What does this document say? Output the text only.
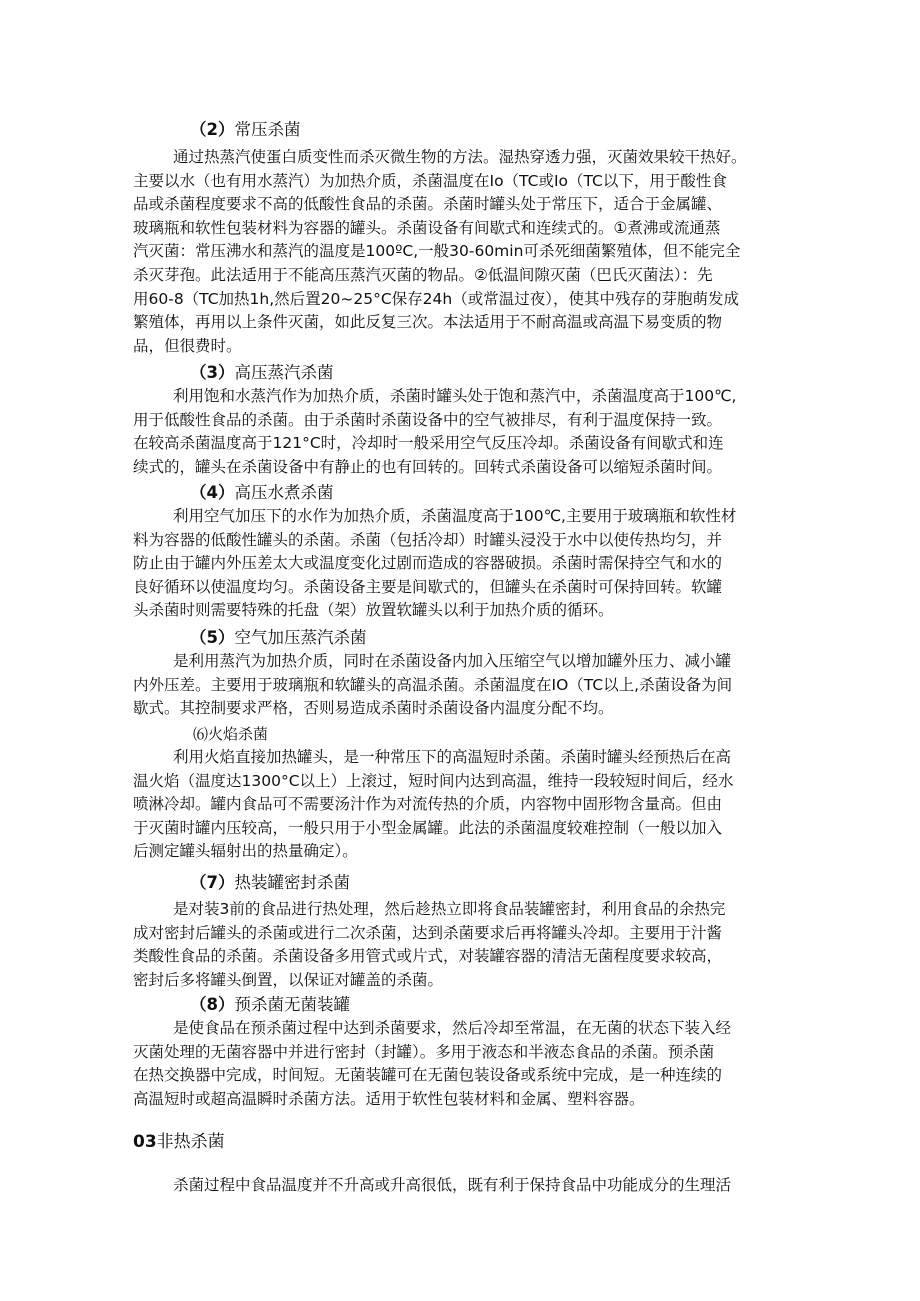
（2）常压杀菌
通过热蒸汽使蛋白质变性而杀灭微生物的方法。湿热穿透力强，灭菌效果较干热好。
主要以水（也有用水蒸汽）为加热介质，杀菌温度在Io（TC或Io（TC以下，用于酸性食
品或杀菌程度要求不高的低酸性食品的杀菌。杀菌时罐头处于常压下，适合于金属罐、
玻璃瓶和软性包装材料为容器的罐头。杀菌设备有间歇式和连续式的。①煮沸或流通蒸
汽灭菌：常压沸水和蒸汽的温度是100ºC,一般30-60min可杀死细菌繁殖体，但不能完全
杀灭芽孢。此法适用于不能高压蒸汽灭菌的物品。②低温间隙灭菌（巴氏灭菌法）：先
用60-8（TC加热1h,然后置20~25°C保存24h（或常温过夜），使其中残存的芽胞萌发成
繁殖体，再用以上条件灭菌，如此反复三次。本法适用于不耐高温或高温下易变质的物
品，但很费时。
（3）高压蒸汽杀菌
利用饱和水蒸汽作为加热介质，杀菌时罐头处于饱和蒸汽中，杀菌温度高于100℃,
用于低酸性食品的杀菌。由于杀菌时杀菌设备中的空气被排尽，有利于温度保持一致。
在较高杀菌温度高于121°C时，冷却时一般采用空气反压冷却。杀菌设备有间歇式和连
续式的，罐头在杀菌设备中有静止的也有回转的。回转式杀菌设备可以缩短杀菌时间。
（4）高压水煮杀菌
利用空气加压下的水作为加热介质，杀菌温度高于100℃,主要用于玻璃瓶和软性材
料为容器的低酸性罐头的杀菌。杀菌（包括冷却）时罐头浸没于水中以使传热均匀，并
防止由于罐内外压差太大或温度变化过剧而造成的容器破损。杀菌时需保持空气和水的
良好循环以使温度均匀。杀菌设备主要是间歇式的，但罐头在杀菌时可保持回转。软罐
头杀菌时则需要特殊的托盘（架）放置软罐头以利于加热介质的循环。
（5）空气加压蒸汽杀菌
是利用蒸汽为加热介质，同时在杀菌设备内加入压缩空气以增加罐外压力、减小罐
内外压差。主要用于玻璃瓶和软罐头的高温杀菌。杀菌温度在IO（TC以上,杀菌设备为间
歇式。其控制要求严格，否则易造成杀菌时杀菌设备内温度分配不均。
⑹火焰杀菌
利用火焰直接加热罐头，是一种常压下的高温短时杀菌。杀菌时罐头经预热后在高
温火焰（温度达1300°C以上）上滚过，短时间内达到高温，维持一段较短时间后，经水
喷淋冷却。罐内食品可不需要汤汁作为对流传热的介质，内容物中固形物含量高。但由
于灭菌时罐内压较高，一般只用于小型金属罐。此法的杀菌温度较难控制（一般以加入
后测定罐头辐射出的热量确定）。
（7）热装罐密封杀菌
是对装3前的食品进行热处理，然后趁热立即将食品装罐密封，利用食品的余热完
成对密封后罐头的杀菌或进行二次杀菌，达到杀菌要求后再将罐头冷却。主要用于汁酱
类酸性食品的杀菌。杀菌设备多用管式或片式，对装罐容器的清洁无菌程度要求较高，
密封后多将罐头倒置，以保证对罐盖的杀菌。
（8）预杀菌无菌装罐
是使食品在预杀菌过程中达到杀菌要求，然后冷却至常温，在无菌的状态下装入经
灭菌处理的无菌容器中并进行密封（封罐）。多用于液态和半液态食品的杀菌。预杀菌
在热交换器中完成，时间短。无菌装罐可在无菌包装设备或系统中完成，是一种连续的
高温短时或超高温瞬时杀菌方法。适用于软性包装材料和金属、塑料容器。
03非热杀菌
杀菌过程中食品温度并不升高或升高很低，既有利于保持食品中功能成分的生理活
